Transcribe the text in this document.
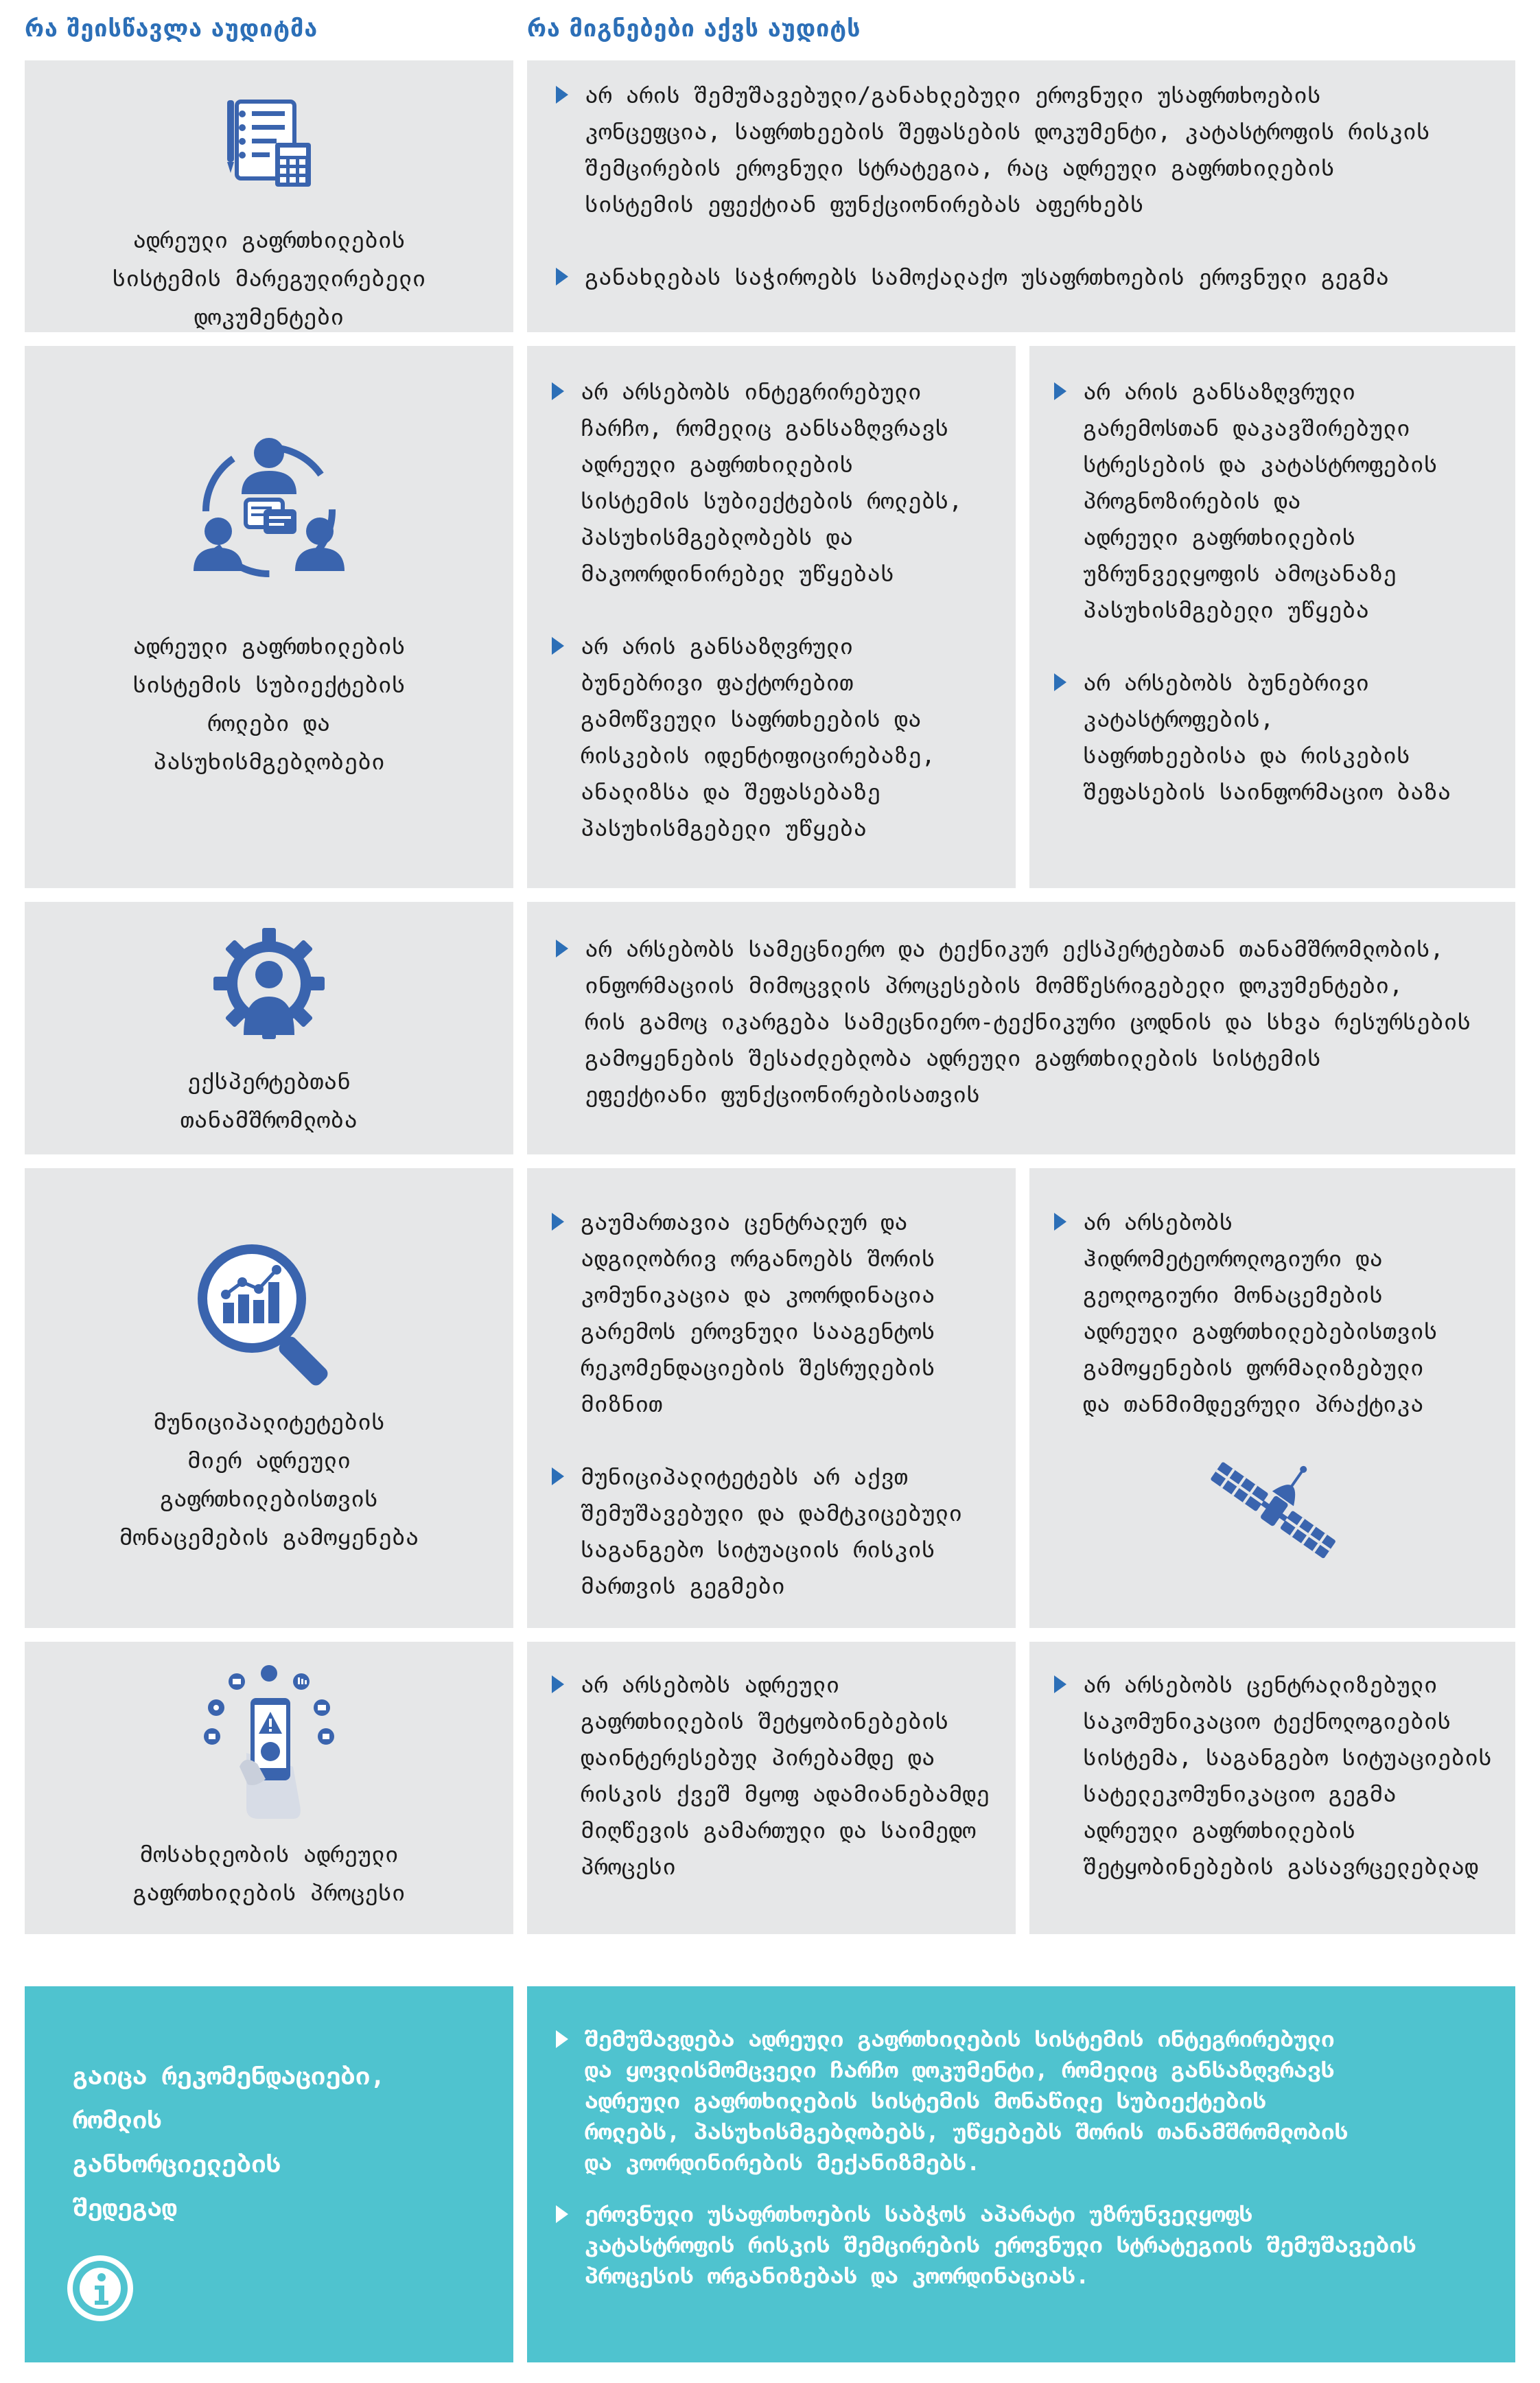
რა შეისწავლა აუდიტმა	რა მიგნებები აქვს აუდიტს
ადრეული გაფრთხილების
სისტემის მარეგულირებელი
დოკუმენტები
არ არის შემუშავებული/განახლებული ეროვნული უსაფრთხოების
კონცეფცია, საფრთხეების შეფასების დოკუმენტი, კატასტროფის რისკის
შემცირების ეროვნული სტრატეგია, რაც ადრეული გაფრთხილების
სისტემის ეფექტიან ფუნქციონირებას აფერხებს
განახლებას საჭიროებს სამოქალაქო უსაფრთხოების ეროვნული გეგმა
ადრეული გაფრთხილების
სისტემის სუბიექტების
როლები და
პასუხისმგებლობები
არ არსებობს ინტეგრირებული
ჩარჩო, რომელიც განსაზღვრავს
ადრეული გაფრთხილების
სისტემის სუბიექტების როლებს,
პასუხისმგებლობებს და
მაკოორდინირებელ უწყებას
არ არის განსაზღვრული
ბუნებრივი ფაქტორებით
გამოწვეული საფრთხეების და
რისკების იდენტიფიცირებაზე,
ანალიზსა და შეფასებაზე
პასუხისმგებელი უწყება
არ არის განსაზღვრული
გარემოსთან დაკავშირებული
სტრესების და კატასტროფების
პროგნოზირების და
ადრეული გაფრთხილების
უზრუნველყოფის ამოცანაზე
პასუხისმგებელი უწყება
არ არსებობს ბუნებრივი
კატასტროფების,
საფრთხეებისა და რისკების
შეფასების საინფორმაციო ბაზა
ექსპერტებთან
თანამშრომლობა
არ არსებობს სამეცნიერო და ტექნიკურ ექსპერტებთან თანამშრომლობის,
ინფორმაციის მიმოცვლის პროცესების მომწესრიგებელი დოკუმენტები,
რის გამოც იკარგება სამეცნიერო-ტექნიკური ცოდნის და სხვა რესურსების
გამოყენების შესაძლებლობა ადრეული გაფრთხილების სისტემის
ეფექტიანი ფუნქციონირებისათვის
მუნიციპალიტეტების
მიერ ადრეული
გაფრთხილებისთვის
მონაცემების გამოყენება
გაუმართავია ცენტრალურ და
ადგილობრივ ორგანოებს შორის
კომუნიკაცია და კოორდინაცია
გარემოს ეროვნული სააგენტოს
რეკომენდაციების შესრულების
მიზნით
მუნიციპალიტეტებს არ აქვთ
შემუშავებული და დამტკიცებული
საგანგებო სიტუაციის რისკის
მართვის გეგმები
არ არსებობს
ჰიდრომეტეოროლოგიური და
გეოლოგიური მონაცემების
ადრეული გაფრთხილებებისთვის
გამოყენების ფორმალიზებული
და თანმიმდევრული პრაქტიკა
მოსახლეობის ადრეული
გაფრთხილების პროცესი
არ არსებობს ადრეული
გაფრთხილების შეტყობინებების
დაინტერესებულ პირებამდე და
რისკის ქვეშ მყოფ ადამიანებამდე
მიღწევის გამართული და საიმედო
პროცესი
არ არსებობს ცენტრალიზებული
საკომუნიკაციო ტექნოლოგიების
სისტემა, საგანგებო სიტუაციების
სატელეკომუნიკაციო გეგმა
ადრეული გაფრთხილების
შეტყობინებების გასავრცელებლად
გაიცა რეკომენდაციები,
რომლის
განხორციელების
შედეგად
შემუშავდება ადრეული გაფრთხილების სისტემის ინტეგრირებული
და ყოვლისმომცველი ჩარჩო დოკუმენტი, რომელიც განსაზღვრავს
ადრეული გაფრთხილების სისტემის მონაწილე სუბიექტების
როლებს, პასუხისმგებლობებს, უწყებებს შორის თანამშრომლობის
და კოორდინირების მექანიზმებს.
ეროვნული უსაფრთხოების საბჭოს აპარატი უზრუნველყოფს
კატასტროფის რისკის შემცირების ეროვნული სტრატეგიის შემუშავების
პროცესის ორგანიზებას და კოორდინაციას.
